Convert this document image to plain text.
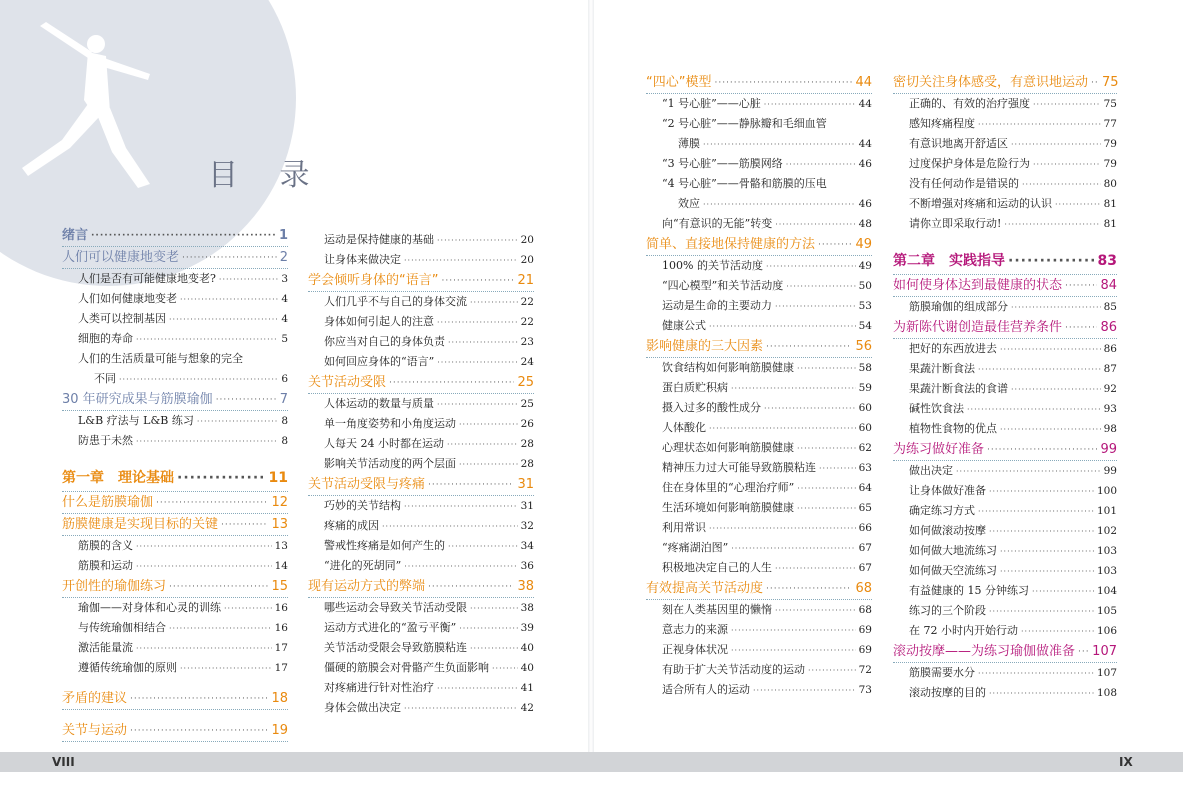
目 录
绪言 ·····	1
人们可以健康地变老 ·····	2
人们是否有可能健康地变老? ·····	3
人们如何健康地变老 ·····	4
人类可以控制基因 ·····	4
细胞的寿命 ·····	5
人们的生活质量可能与想象的完全
不同 ·····	6
30 年研究成果与筋膜瑜伽 ·····	7
L&B 疗法与 L&B 练习 ·····	8
防患于未然 ·····	8
第一章　理论基础 ·····	11
什么是筋膜瑜伽 ·····	12
筋膜健康是实现目标的关键 ·····	13
筋膜的含义 ·····	13
筋膜和运动 ·····	14
开创性的瑜伽练习 ·····	15
瑜伽——对身体和心灵的训练 ·····	16
与传统瑜伽相结合 ·····	16
激活能量流 ·····	17
遵循传统瑜伽的原则 ·····	17
矛盾的建议 ·····	18
关节与运动 ·····	19
运动是保持健康的基础 ·····	20
让身体来做决定 ·····	20
学会倾听身体的“语言” ·····	21
人们几乎不与自己的身体交流 ·····	22
身体如何引起人的注意 ·····	22
你应当对自己的身体负责 ·····	23
如何回应身体的“语言” ·····	24
关节活动受限 ·····	25
人体运动的数量与质量 ·····	25
单一角度姿势和小角度运动 ·····	26
人每天 24 小时都在运动 ·····	28
影响关节活动度的两个层面 ·····	28
关节活动受限与疼痛 ·····	31
巧妙的关节结构 ·····	31
疼痛的成因 ·····	32
警戒性疼痛是如何产生的 ·····	34
“进化的死胡同” ·····	36
现有运动方式的弊端 ·····	38
哪些运动会导致关节活动受限 ·····	38
运动方式进化的“盈亏平衡” ·····	39
关节活动受限会导致筋膜粘连 ·····	40
僵硬的筋膜会对骨骼产生负面影响 ·····	40
对疼痛进行针对性治疗 ·····	41
身体会做出决定 ·····	42
“四心”模型 ·····	44
“1 号心脏”——心脏 ·····	44
“2 号心脏”——静脉瓣和毛细血管
薄膜 ·····	44
“3 号心脏”——筋膜网络 ·····	46
“4 号心脏”——骨骼和筋膜的压电
效应 ·····	46
向“有意识的无能”转变 ·····	48
简单、直接地保持健康的方法 ·····	49
100% 的关节活动度 ·····	49
“四心模型”和关节活动度 ·····	50
运动是生命的主要动力 ·····	53
健康公式 ·····	54
影响健康的三大因素 ·····	56
饮食结构如何影响筋膜健康 ·····	58
蛋白质贮积病 ·····	59
摄入过多的酸性成分 ·····	60
人体酸化 ·····	60
心理状态如何影响筋膜健康 ·····	62
精神压力过大可能导致筋膜粘连 ·····	63
住在身体里的“心理治疗师” ·····	64
生活环境如何影响筋膜健康 ·····	65
利用常识 ·····	66
“疼痛湖泊图” ·····	67
积极地决定自己的人生 ·····	67
有效提高关节活动度 ·····	68
刻在人类基因里的懒惰 ·····	68
意志力的来源 ·····	69
正视身体状况 ·····	69
有助于扩大关节活动度的运动 ·····	72
适合所有人的运动 ·····	73
密切关注身体感受，有意识地运动 ····· 75
正确的、有效的治疗强度 ·····	75
感知疼痛程度 ·····	77
有意识地离开舒适区 ·····	79
过度保护身体是危险行为 ·····	79
没有任何动作是错误的 ·····	80
不断增强对疼痛和运动的认识 ·····	81
请你立即采取行动! ·····	81
第二章　实践指导 ·····	83
如何使身体达到最健康的状态 ·····	84
筋膜瑜伽的组成部分 ·····	85
为新陈代谢创造最佳营养条件 ·····	86
把好的东西放进去 ·····	86
果蔬汁断食法 ·····	87
果蔬汁断食法的食谱 ·····	92
碱性饮食法 ·····	93
植物性食物的优点 ·····	98
为练习做好准备 ·····	99
做出决定 ·····	99
让身体做好准备 ·····	100
确定练习方式 ·····	101
如何做滚动按摩 ·····	102
如何做大地流练习 ·····	103
如何做天空流练习 ·····	103
有益健康的 15 分钟练习 ·····	104
练习的三个阶段 ·····	105
在 72 小时内开始行动 ·····	106
滚动按摩——为练习瑜伽做准备 ····· 107
筋膜需要水分 ·····	107
滚动按摩的目的 ·····	108
VIII	IX
